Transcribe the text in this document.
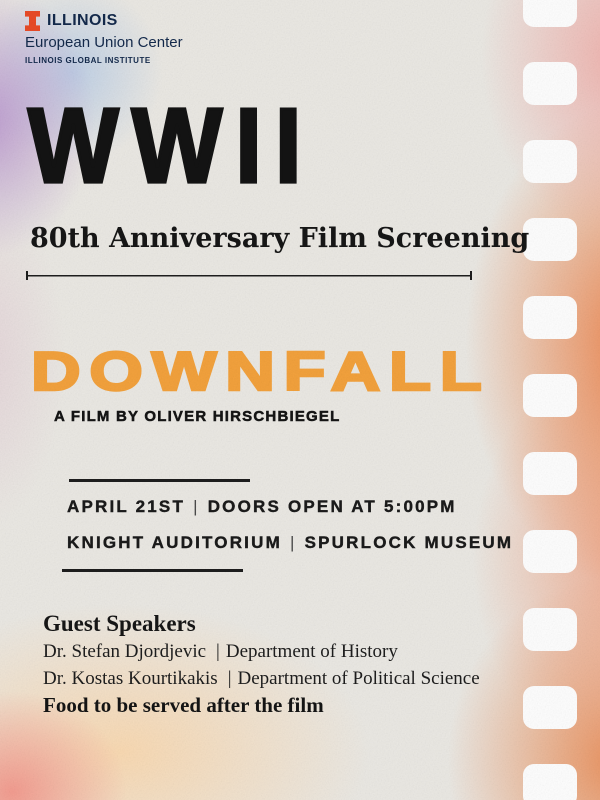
ILLINOIS
European Union Center
ILLINOIS GLOBAL INSTITUTE
WWII
80th Anniversary Film Screening
DOWNFALL
A FILM BY OLIVER HIRSCHBIEGEL
APRIL 21ST | DOORS OPEN AT 5:00PM
KNIGHT AUDITORIUM | SPURLOCK MUSEUM
Guest Speakers
Dr. Stefan Djordjevic | Department of History
Dr. Kostas Kourtikakis | Department of Political Science
Food to be served after the film
